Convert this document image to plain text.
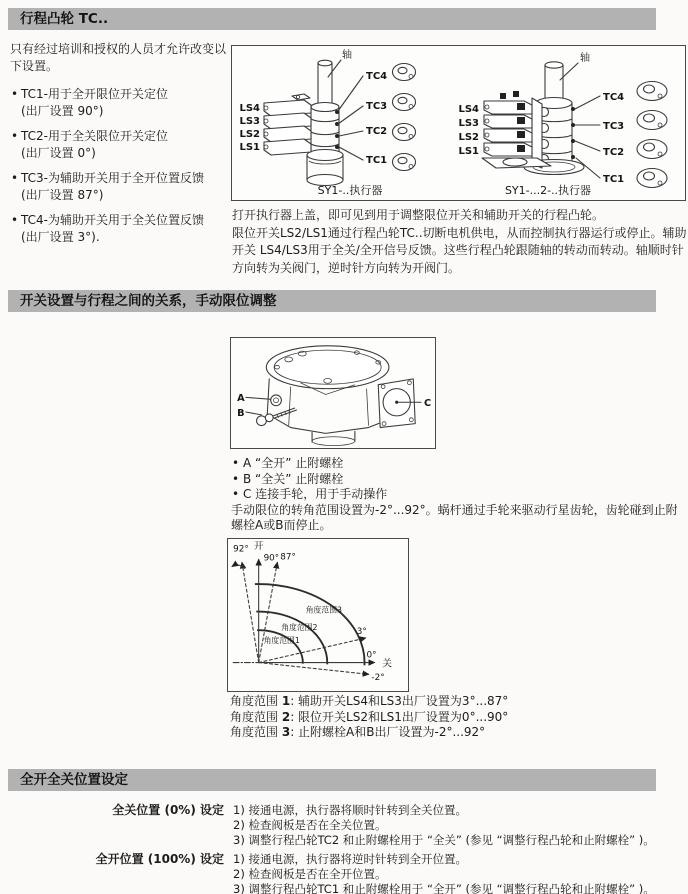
行程凸轮 TC..

只有经过培训和授权的人员才允许改变以下设置。

• TC1-用于全开限位开关定位
(出厂设置 90°)
• TC2-用于全关限位开关定位
(出厂设置 0°)
• TC3-为辅助开关用于全开位置反馈
(出厂设置 87°)
• TC4-为辅助开关用于全关位置反馈
(出厂设置 3°).
轴
LS4
LS3
LS2
LS1
TC4
TC3
TC2
TC1
SY1-..执行器
轴
LS4
LS3
LS2
LS1
TC4
TC3
TC2
TC1
SY1-...2-..执行器

打开执行器上盖，即可见到用于调整限位开关和辅助开关的行程凸轮。

限位开关LS2/LS1通过行程凸轮TC..切断电机供电，从而控制执行器运行或停止。辅助开关 LS4/LS3用于全关/全开信号反馈。这些行程凸轮跟随轴的转动而转动。轴顺时针方向转为关阀门，逆时针方向转为开阀门。

开关设置与行程之间的关系，手动限位调整
C
A
B
• A “全开” 止附螺栓
• B “全关” 止附螺栓
• C 连接手轮，用于手动操作
手动限位的转角范围设置为-2°...92°。蜗杆通过手轮来驱动行星齿轮，齿轮碰到止附螺栓A或B而停止。
92° 开
90° 87°
角度范围3
角度范围2
角度范围1
3°
0°
关
-2°
角度范围 1: 辅助开关LS4和LS3出厂设置为3°...87°
角度范围 2: 限位开关LS2和LS1出厂设置为0°...90°
角度范围 3: 止附螺栓A和B出厂设置为-2°...92°
全开全关位置设定
全关位置 (0%) 设定 1) 接通电源，执行器将顺时针转到全关位置。
2) 检查阀板是否在全关位置。
3) 调整行程凸轮TC2 和止附螺栓用于 “全关” (参见 “调整行程凸轮和止附螺栓” )。
全开位置 (100%) 设定 1) 接通电源，执行器将逆时针转到全开位置。
2) 检查阀板是否在全开位置。
3) 调整行程凸轮TC1 和止附螺栓用于 “全开” (参见 “调整行程凸轮和止附螺栓” )。
